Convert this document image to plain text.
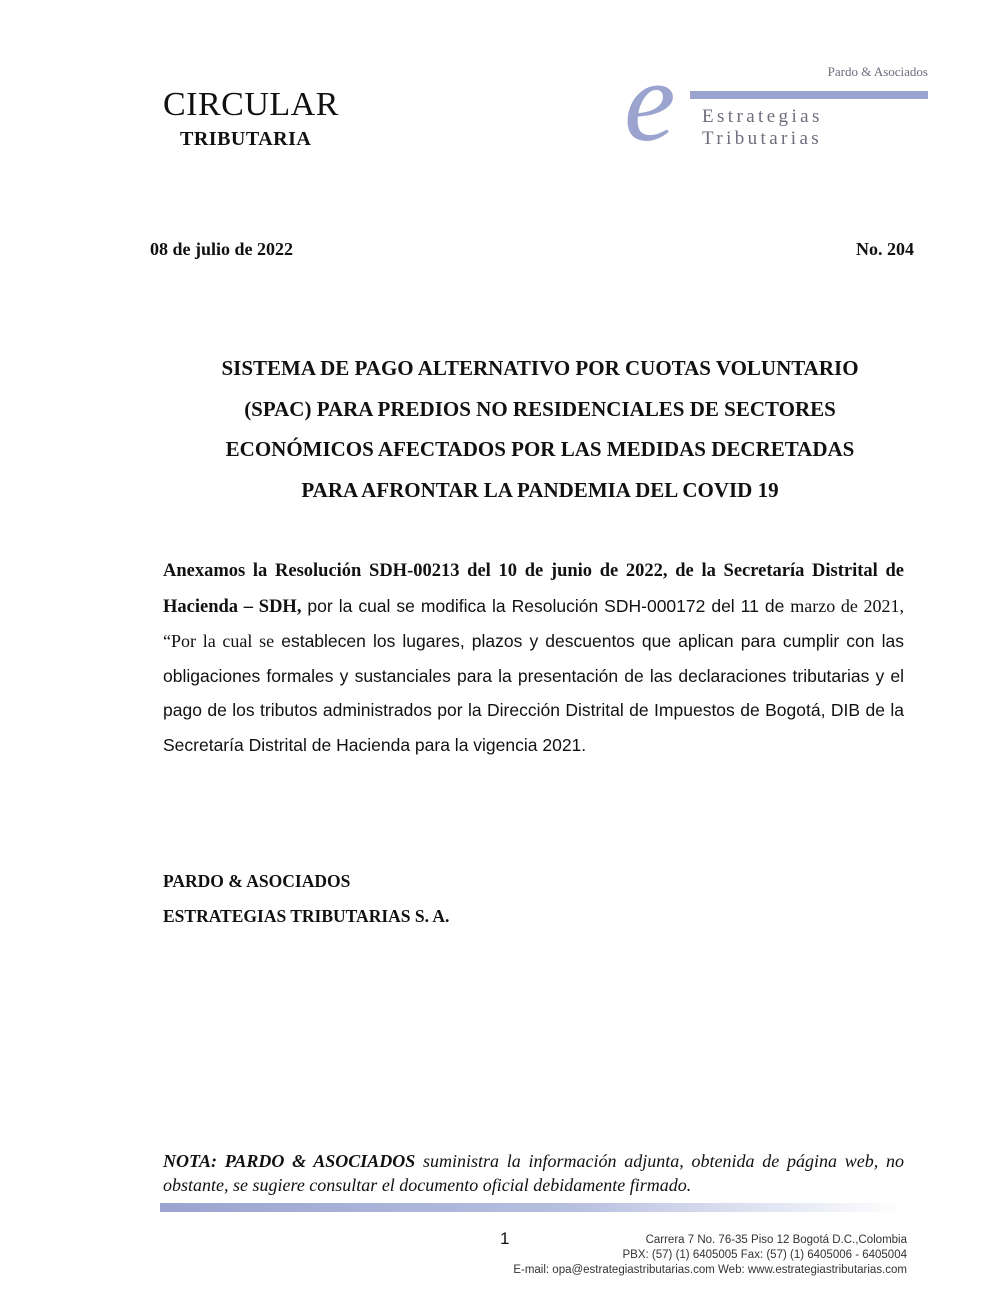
CIRCULAR
TRIBUTARIA	e	Pardo & Asociados
Estrategias Tributarias
08 de julio de 2022	No. 204
SISTEMA DE PAGO ALTERNATIVO POR CUOTAS VOLUNTARIO
(SPAC) PARA PREDIOS NO RESIDENCIALES DE SECTORES
ECONÓMICOS AFECTADOS POR LAS MEDIDAS DECRETADAS
PARA AFRONTAR LA PANDEMIA DEL COVID 19
Anexamos la Resolución SDH-00213 del 10 de junio de 2022, de la Secretaría Distrital de Hacienda – SDH, por la cual se modifica la Resolución SDH-000172 del 11 de marzo de 2021, “Por la cual se establecen los lugares, plazos y descuentos que aplican para cumplir con las obligaciones formales y sustanciales para la presentación de las declaraciones tributarias y el pago de los tributos administrados por la Dirección Distrital de Impuestos de Bogotá, DIB de la Secretaría Distrital de Hacienda para la vigencia 2021.
PARDO & ASOCIADOS
ESTRATEGIAS TRIBUTARIAS S. A.
NOTA: PARDO & ASOCIADOS suministra la información adjunta, obtenida de página web, no obstante, se sugiere consultar el documento oficial debidamente firmado.
1	Carrera 7 No. 76-35 Piso 12 Bogotá D.C.,Colombia
PBX: (57) (1) 6405005 Fax: (57) (1) 6405006 - 6405004
E-mail: opa@estrategiastributarias.com Web: www.estrategiastributarias.com
